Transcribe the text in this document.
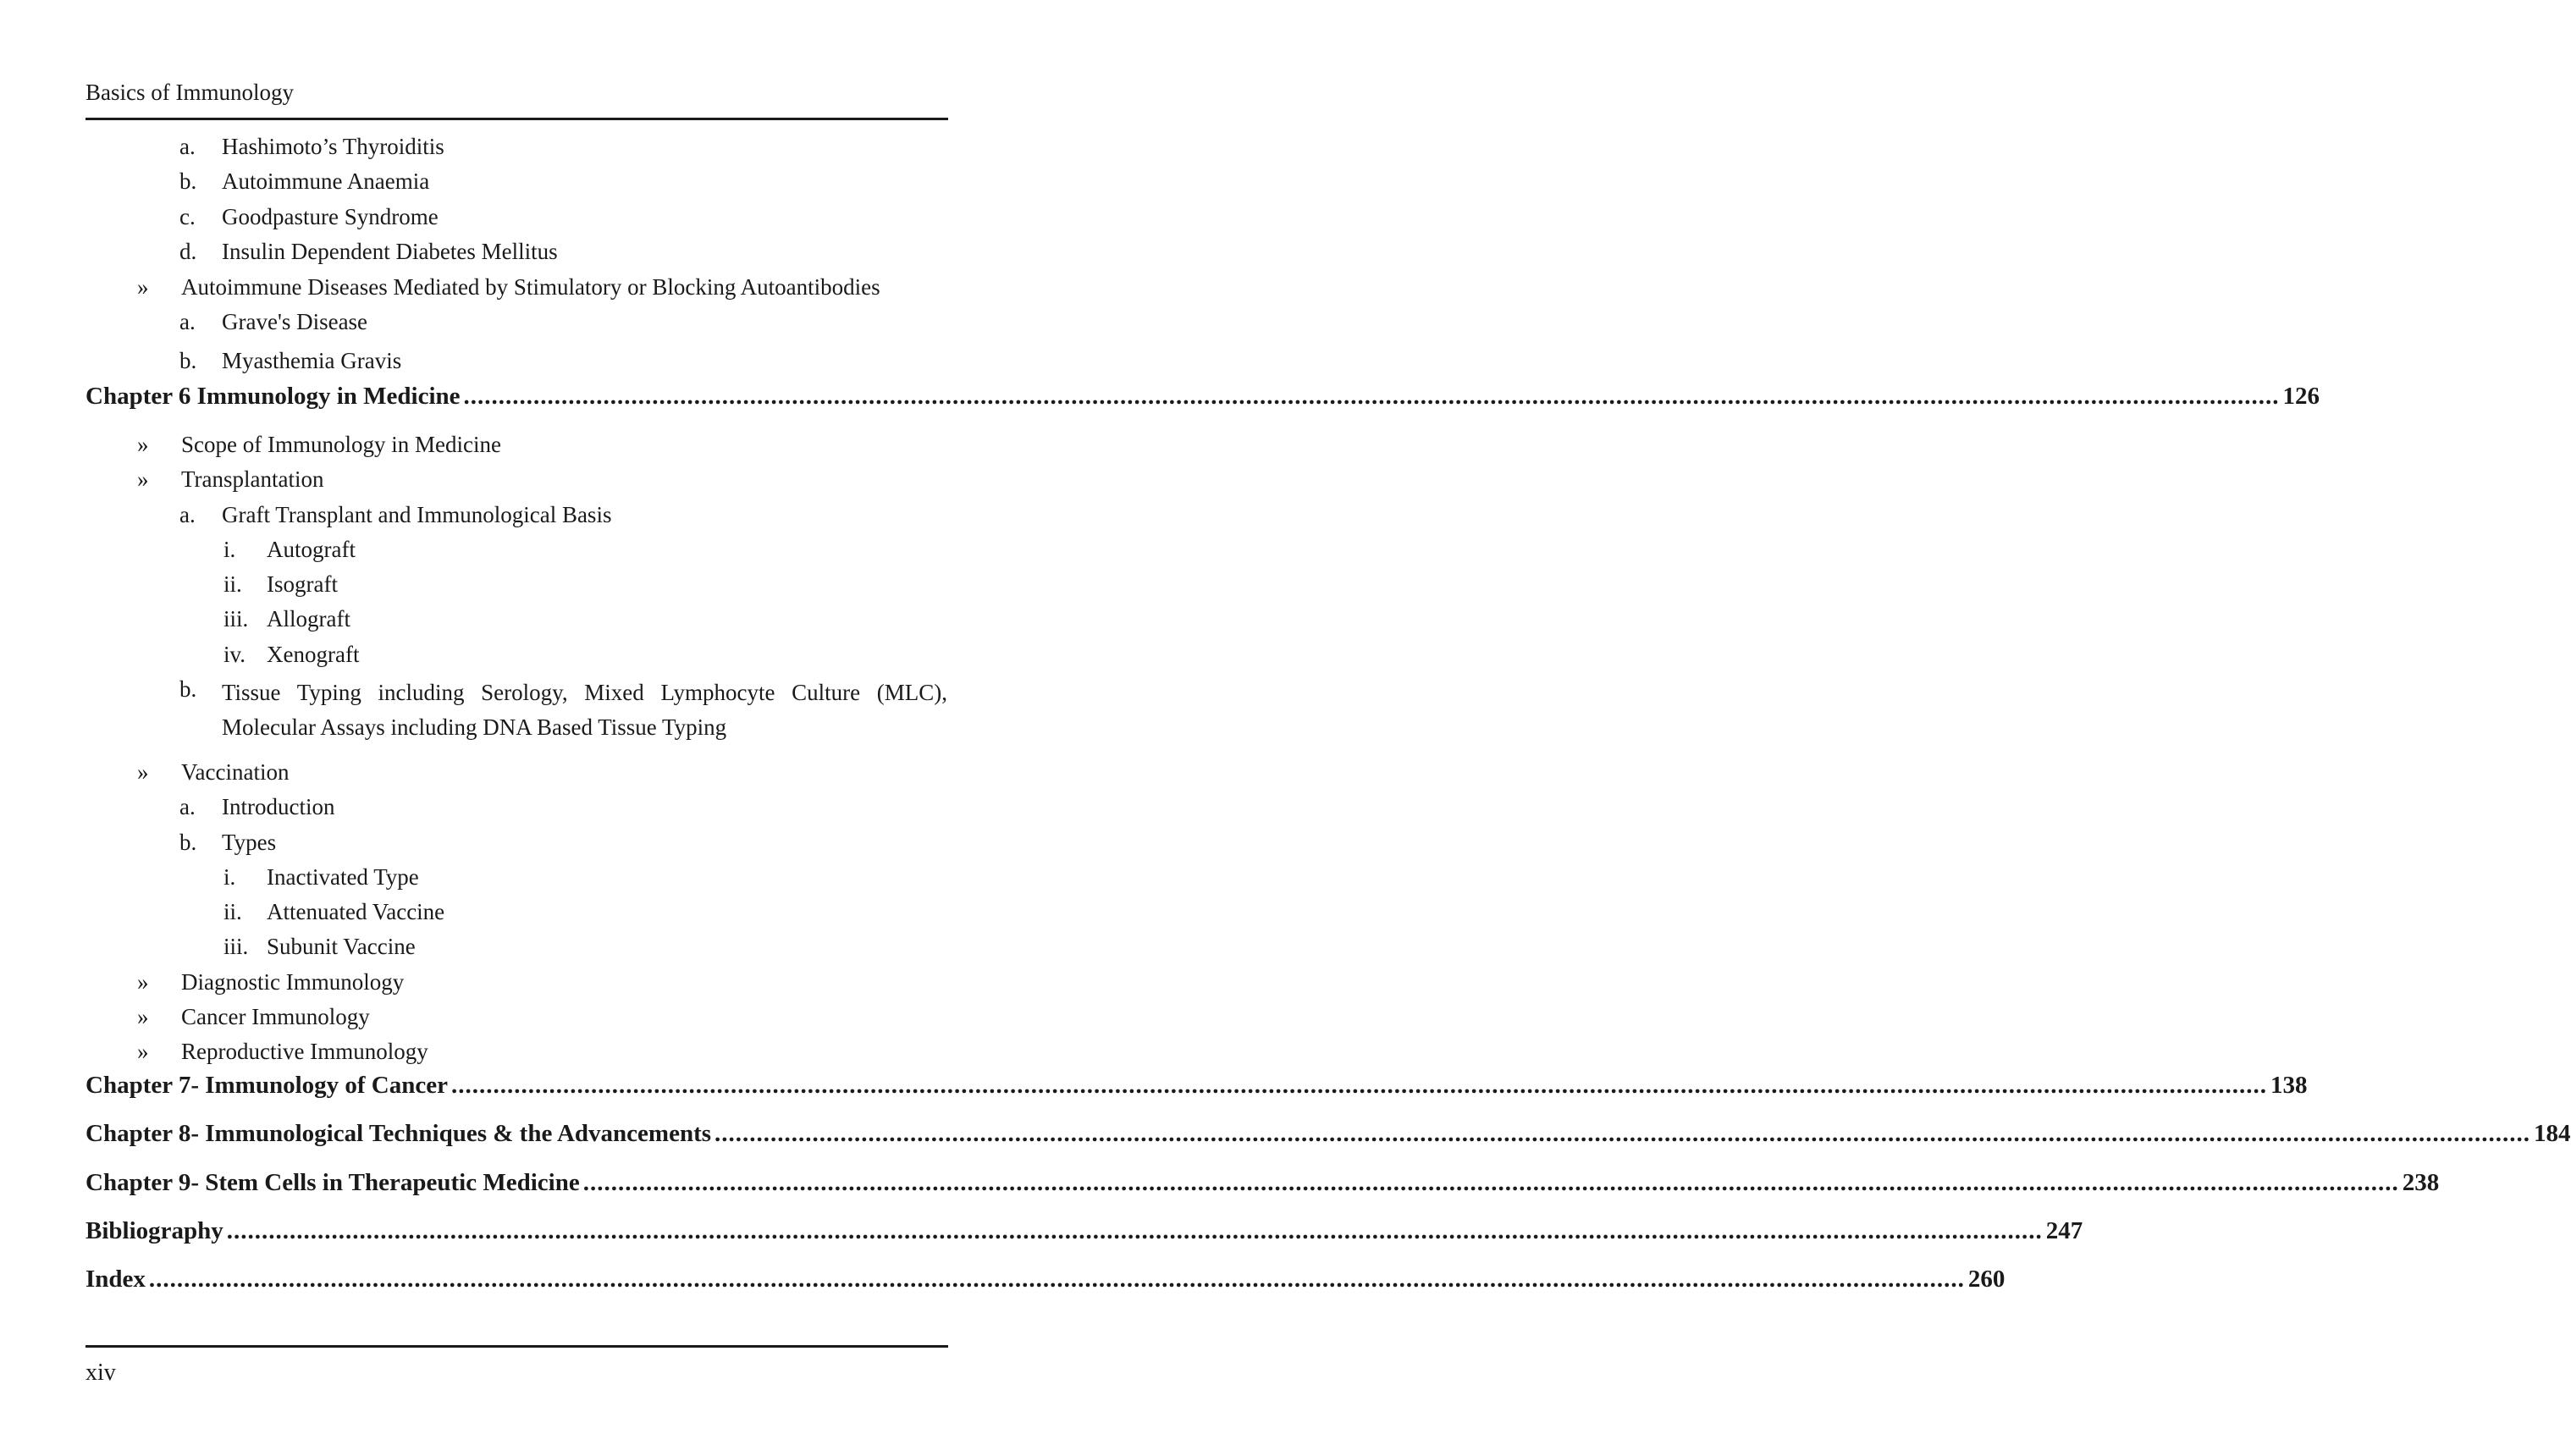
Basics of Immunology
a. Hashimoto’s Thyroiditis
b. Autoimmune Anaemia
c. Goodpasture Syndrome
d. Insulin Dependent Diabetes Mellitus
» Autoimmune Diseases Mediated by Stimulatory or Blocking Autoantibodies
a. Grave's Disease
b. Myasthemia Gravis
Chapter 6 Immunology in Medicine .................................................................................................................................................................................................................................................................... 126
» Scope of Immunology in Medicine
» Transplantation
a. Graft Transplant and Immunological Basis
i. Autograft
ii. Isograft
iii. Allograft
iv. Xenograft
b. Tissue Typing including Serology, Mixed Lymphocyte Culture (MLC), Molecular Assays including DNA Based Tissue Typing
» Vaccination
a. Introduction
b. Types
i. Inactivated Type
ii. Attenuated Vaccine
iii. Subunit Vaccine
» Diagnostic Immunology
» Cancer Immunology
» Reproductive Immunology
Chapter 7- Immunology of Cancer .................................................................................................................................................................................................................................................................... 138
Chapter 8- Immunological Techniques & the Advancements .................................................................................................................................................................................................................................................................... 184
Chapter 9- Stem Cells in Therapeutic Medicine .................................................................................................................................................................................................................................................................... 238
Bibliography .................................................................................................................................................................................................................................................................... 247
Index .................................................................................................................................................................................................................................................................... 260
xiv
